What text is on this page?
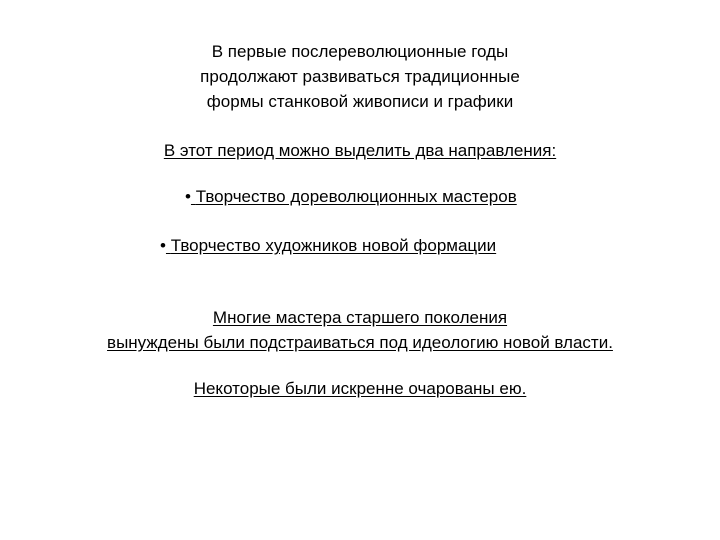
В первые послереволюционные годы
продолжают развиваться традиционные
формы станковой живописи и графики
В этот период можно выделить два направления:
• Творчество дореволюционных мастеров
• Творчество художников новой формации
Многие мастера старшего поколения
вынуждены были подстраиваться под идеологию новой власти.
Некоторые были искренне очарованы ею.
